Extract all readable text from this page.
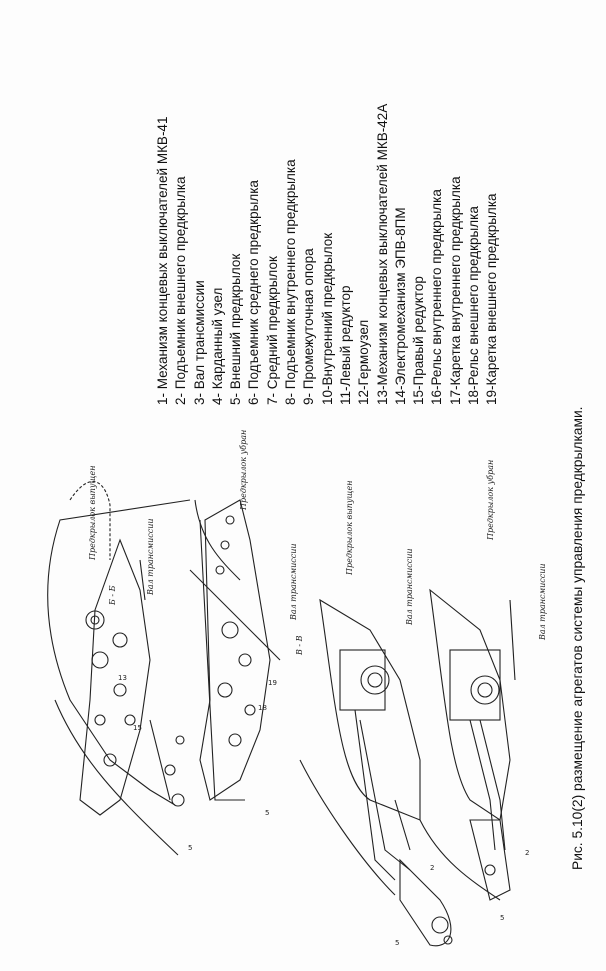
Б - Б
В - В
Предкрылок выпущен	Предкрылок убран
Предкрылок выпущен	Предкрылок убран
Вал трансмиссии	Вал трансмиссии	Вал трансмиссии	Вал трансмиссии
13
15
5
19
18
5
5
2
2
5
1- Механизм концевых выключателей МКВ-41 2- Подъемник внешнего предкрылка 3- Вал трансмиссии 4- Карданный узел 5- Внешний предкрылок 6- Подъемник среднего предкрылка 7- Средний предкрылок 8- Подъемник внутреннего предкрылка 9- Промежуточная опора 10-Внутренний предкрылок 11-Левый редуктор 12-Гермоузел 13-Механизм концевых выключателей МКВ-42А 14-Электромеханизм ЭПВ-8ПМ 15-Правый редуктор 16-Рельс внутреннего предкрылка 17-Каретка внутреннего предкрылка 18-Рельс внешнего предкрылка 19-Каретка внешнего предкрылка
Рис. 5.10(2) размещение агрегатов системы управления предкрылками.
